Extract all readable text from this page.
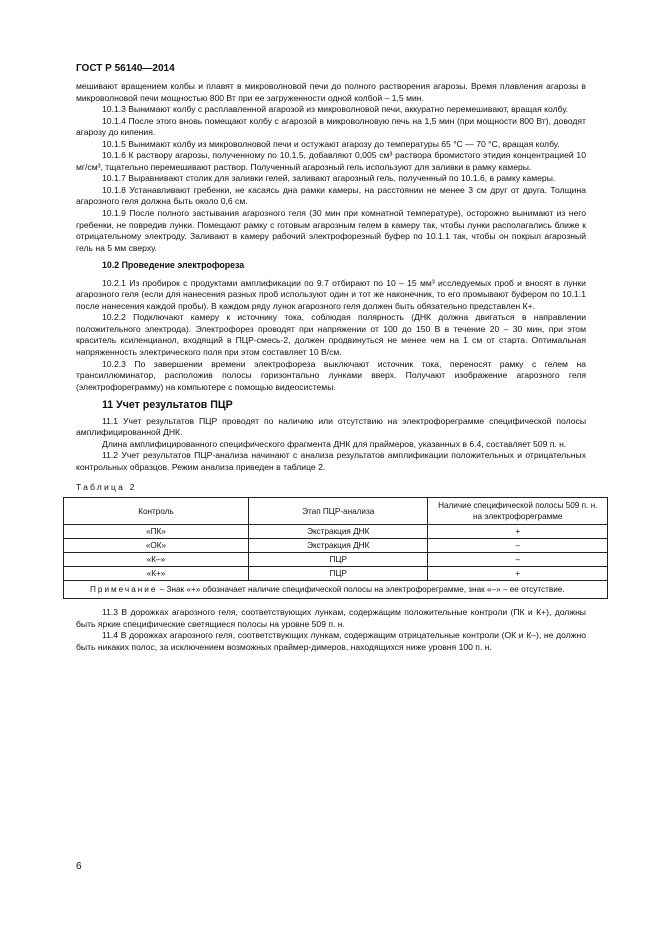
ГОСТ Р 56140—2014

мешивают вращением колбы и плавят в микроволновой печи до полного растворения агарозы. Время плавления агарозы в микроволновой печи мощностью 800 Вт при ее загруженности одной колбой – 1,5 мин.

10.1.3 Вынимают колбу с расплавленной агарозой из микроволновой печи, аккуратно перемешивают, вращая колбу.

10.1.4 После этого вновь помещают колбу с агарозой в микроволновую печь на 1,5 мин (при мощности 800 Вт), доводят агарозу до кипения.

10.1.5 Вынимают колбу из микроволновой печи и остужают агарозу до температуры 65 °С — 70 °С, вращая колбу.

10.1.6 К раствору агарозы, полученному по 10.1.5, добавляют 0,005 см³ раствора бромистого этидия концентрацией 10 мг/см³, тщательно перемешивают раствор. Полученный агарозный гель используют для заливки в рамку камеры.

10.1.7 Выравнивают столик для заливки гелей, заливают агарозный гель, полученный по 10.1.6, в рамку камеры.

10.1.8 Устанавливают гребенки, не касаясь дна рамки камеры, на расстоянии не менее 3 см друг от друга. Толщина агарозного геля должна быть около 0,6 см.

10.1.9 После полного застывания агарозного геля (30 мин при комнатной температуре), осторожно вынимают из него гребенки, не повредив лунки. Помещают рамку с готовым агарозным гелем в камеру так, чтобы лунки располагались ближе к отрицательному электроду. Заливают в камеру рабочий электрофорезный буфер по 10.1.1 так, чтобы он покрыл агарозный гель на 5 мм сверху.

10.2 Проведение электрофореза

10.2.1 Из пробирок с продуктами амплификации по 9.7 отбирают по 10 – 15 мм³ исследуемых проб и вносят в лунки агарозного геля (если для нанесения разных проб используют один и тот же наконечник, то его промывают буфером по 10.1.1 после нанесения каждой пробы). В каждом ряду лунок агарозного геля должен быть обязательно представлен К+.

10.2.2 Подключают камеру к источнику тока, соблюдая полярность (ДНК должна двигаться в направлении положительного электрода). Электрофорез проводят при напряжении от 100 до 150 В в течение 20 – 30 мин, при этом краситель ксиленцианол, входящий в ПЦР-смесь-2, должен продвинуться не менее чем на 1 см от старта. Оптимальная напряженность электрического поля при этом составляет 10 В/см.

10.2.3 По завершении времени электрофореза выключают источник тока, переносят рамку с гелем на трансиллюминатор, расположив полосы горизонтально лунками вверх. Получают изображение агарозного геля (электрофореграмму) на компьютере с помощью видеосистемы.

11 Учет результатов ПЦР

11.1 Учет результатов ПЦР проводят по наличию или отсутствию на электрофореграмме специфической полосы амплифицированной ДНК.

Длина амплифицированного специфического фрагмента ДНК для праймеров, указанных в 6.4, составляет 509 п. н.

11.2 Учет результатов ПЦР-анализа начинают с анализа результатов амплификации положительных и отрицательных контрольных образцов. Режим анализа приведен в таблице 2.

Таблица 2
Контроль	Этап ПЦР-анализа	Наличие специфической полосы 509 п. н. на электрофореграмме
«ПК»	Экстракция ДНК	+
«ОК»	Экстракция ДНК	–
«К–»	ПЦР	–
«К+»	ПЦР	+
Примечание – Знак «+» обозначает наличие специфической полосы на электрофореграмме, знак «–» – ее отсутствие.		

11.3 В дорожках агарозного геля, соответствующих лункам, содержащим положительные контроли (ПК и К+), должны быть яркие специфические светящиеся полосы на уровне 509 п. н.

11.4 В дорожках агарозного геля, соответствующих лункам, содержащим отрицательные контроли (ОК и К–), не должно быть никаких полос, за исключением возможных праймер-димеров, находящихся ниже уровня 100 п. н.

6
